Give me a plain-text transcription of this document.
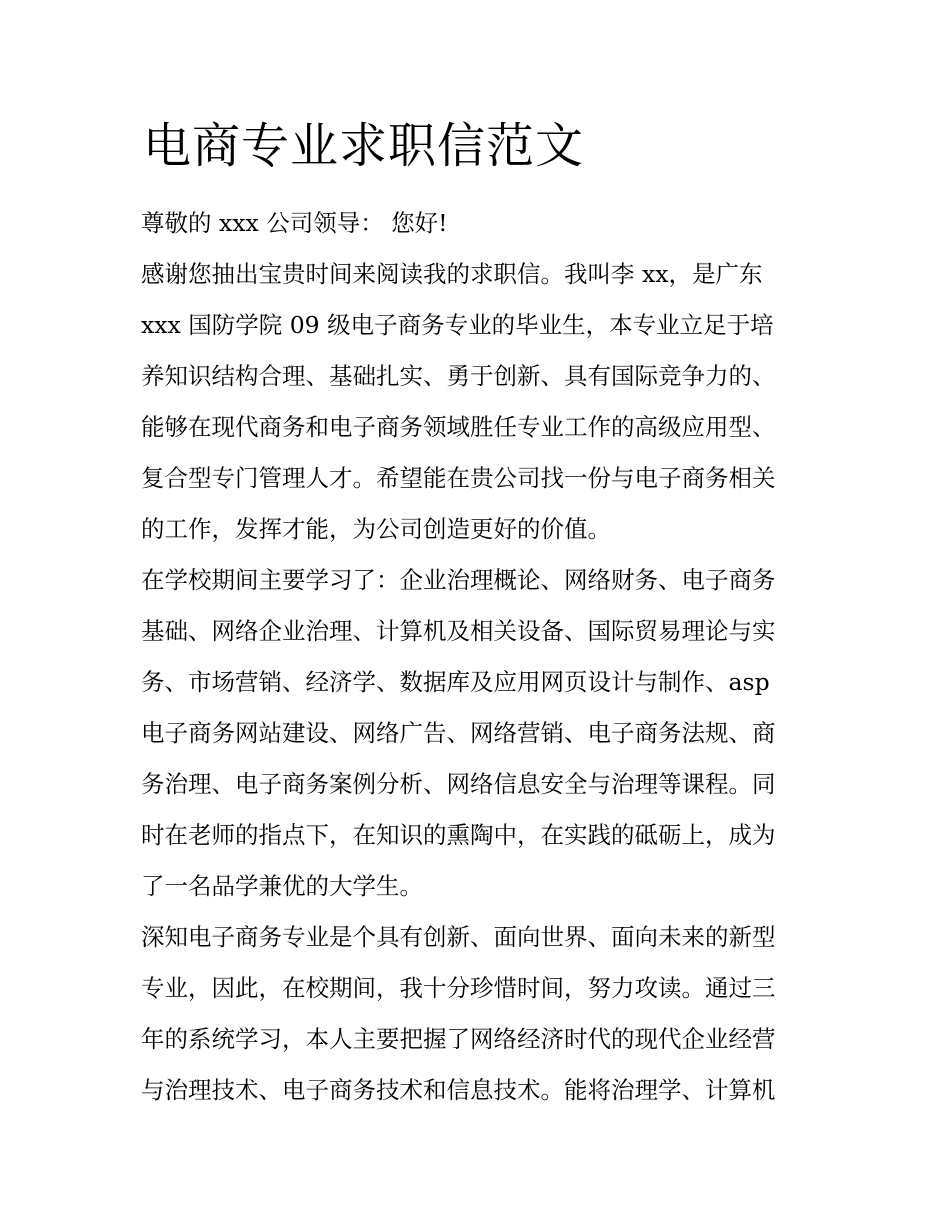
电商专业求职信范文
尊敬的 xxx 公司领导： 您好!
感谢您抽出宝贵时间来阅读我的求职信。我叫李 xx，是广东
xxx 国防学院 09 级电子商务专业的毕业生，本专业立足于培
养知识结构合理、基础扎实、勇于创新、具有国际竞争力的、
能够在现代商务和电子商务领域胜任专业工作的高级应用型、
复合型专门管理人才。希望能在贵公司找一份与电子商务相关
的工作，发挥才能，为公司创造更好的价值。
在学校期间主要学习了：企业治理概论、网络财务、电子商务
基础、网络企业治理、计算机及相关设备、国际贸易理论与实
务、市场营销、经济学、数据库及应用网页设计与制作、asp
电子商务网站建设、网络广告、网络营销、电子商务法规、商
务治理、电子商务案例分析、网络信息安全与治理等课程。同
时在老师的指点下，在知识的熏陶中，在实践的砥砺上，成为
了一名品学兼优的大学生。
深知电子商务专业是个具有创新、面向世界、面向未来的新型
专业，因此，在校期间，我十分珍惜时间，努力攻读。通过三
年的系统学习，本人主要把握了网络经济时代的现代企业经营
与治理技术、电子商务技术和信息技术。能将治理学、计算机
